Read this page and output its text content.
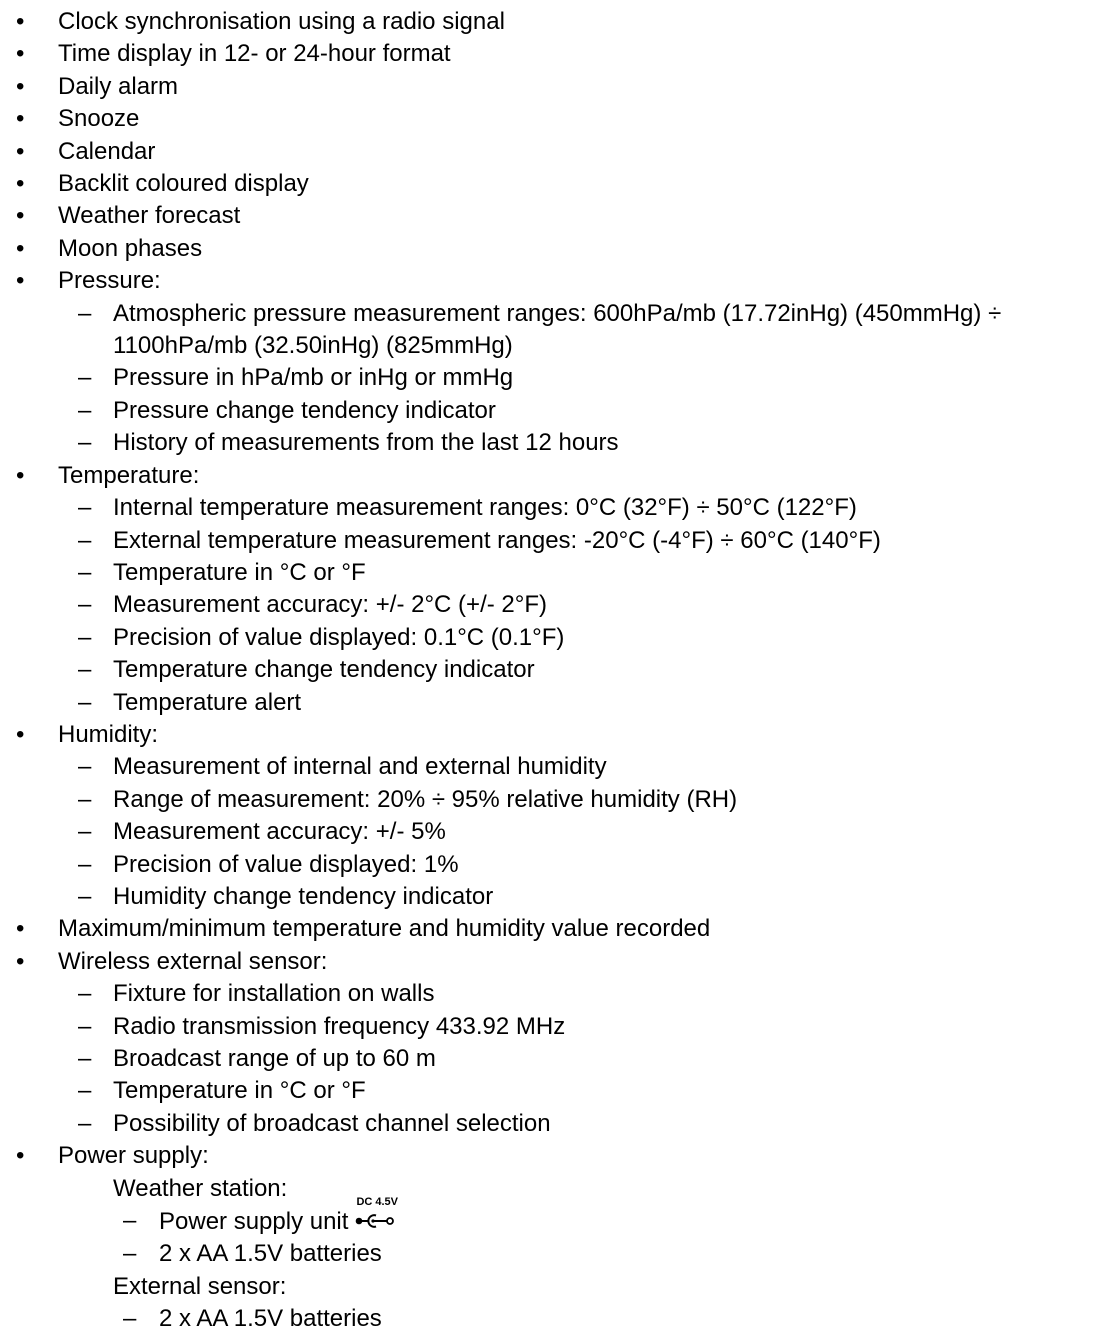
•	Clock synchronisation using a radio signal
•	Time display in 12- or 24-hour format
•	Daily alarm
•	Snooze
•	Calendar
•	Backlit coloured display
•	Weather forecast
•	Moon phases
•	Pressure:
– Atmospheric pressure measurement ranges: 600hPa/mb (17.72inHg) (450mmHg) ÷ 1100hPa/mb (32.50inHg) (825mmHg)
– Pressure in hPa/mb or inHg or mmHg
– Pressure change tendency indicator
– History of measurements from the last 12 hours
•	Temperature:
– Internal temperature measurement ranges: 0°C (32°F) ÷ 50°C (122°F)
– External temperature measurement ranges: -20°C (-4°F) ÷ 60°C (140°F)
– Temperature in °C or °F
– Measurement accuracy: +/- 2°C (+/- 2°F)
– Precision of value displayed: 0.1°C (0.1°F)
– Temperature change tendency indicator
– Temperature alert
•	Humidity:
– Measurement of internal and external humidity
– Range of measurement: 20% ÷ 95% relative humidity (RH)
– Measurement accuracy: +/- 5%
– Precision of value displayed: 1%
– Humidity change tendency indicator
•	Maximum/minimum temperature and humidity value recorded
•	Wireless external sensor:
– Fixture for installation on walls
– Radio transmission frequency 433.92 MHz
– Broadcast range of up to 60 m
– Temperature in °C or °F
– Possibility of broadcast channel selection
•	Power supply:
Weather station:
– Power supply unit
DC 4.5V
– 2 x AA 1.5V batteries
External sensor:
– 2 x AA 1.5V batteries
